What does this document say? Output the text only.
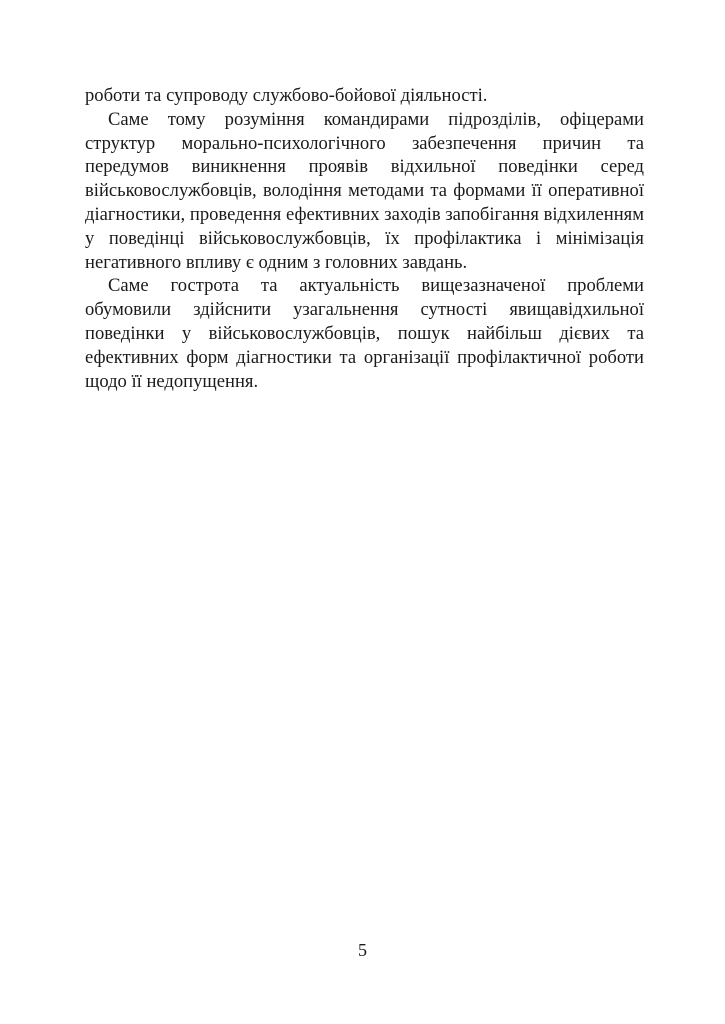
роботи та супроводу службово-бойової діяльності.

Саме тому розуміння командирами підрозділів, офіцерами структур морально-психологічного забезпечення причин та передумов виникнення проявів відхильної поведінки серед військовослужбовців, володіння методами та формами її оперативної діагностики, проведення ефективних заходів запобігання відхиленням у поведінці військовослужбовців, їх профілактика і мінімізація негативного впливу є одним з головних завдань.

Саме гострота та актуальність вищезазначеної проблеми обумовили здійснити узагальнення сутності явищавідхильної поведінки у військовослужбовців, пошук найбільш дієвих та ефективних форм діагностики та організації профілактичної роботи щодо її недопущення.

5
